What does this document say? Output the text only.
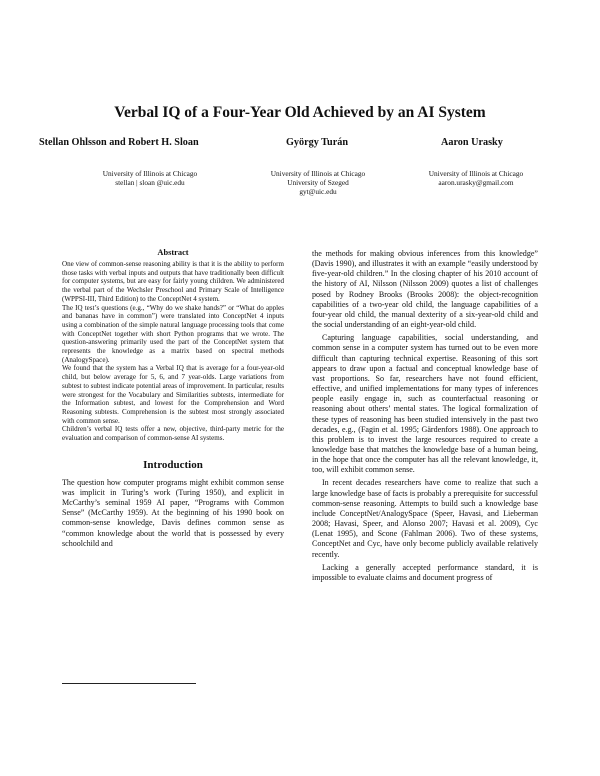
Verbal IQ of a Four-Year Old Achieved by an AI System
Stellan Ohlsson and Robert H. Sloan	György Turán	Aaron Urasky
University of Illinois at Chicago
stellan | sloan @uic.edu
University of Illinois at Chicago
University of Szeged
gyt@uic.edu
University of Illinois at Chicago
aaron.urasky@gmail.com
Abstract

One view of common-sense reasoning ability is that it is the ability to perform those tasks with verbal inputs and outputs that have traditionally been difficult for computer systems, but are easy for fairly young children. We administered the verbal part of the Wechsler Preschool and Primary Scale of Intelligence (WPPSI-III, Third Edition) to the ConceptNet 4 system.

The IQ test’s questions (e.g., “Why do we shake hands?” or “What do apples and bananas have in common”) were translated into ConceptNet 4 inputs using a combination of the simple natural language processing tools that come with ConceptNet together with short Python programs that we wrote. The question-answering primarily used the part of the ConceptNet system that represents the knowledge as a matrix based on spectral methods (AnalogySpace).

We found that the system has a Verbal IQ that is average for a four-year-old child, but below average for 5, 6, and 7 year-olds. Large variations from subtest to subtest indicate potential areas of improvement. In particular, results were strongest for the Vocabulary and Similarities subtests, intermediate for the Information subtest, and lowest for the Comprehension and Word Reasoning subtests. Comprehension is the subtest most strongly associated with common sense.

Children’s verbal IQ tests offer a new, objective, third-party metric for the evaluation and comparison of common-sense AI systems.

Introduction

The question how computer programs might exhibit common sense was implicit in Turing’s work (Turing 1950), and explicit in McCarthy’s seminal 1959 AI paper, “Programs with Common Sense” (McCarthy 1959). At the beginning of his 1990 book on common-sense knowledge, Davis defines common sense as “common knowledge about the world that is possessed by every schoolchild and

the methods for making obvious inferences from this knowledge” (Davis 1990), and illustrates it with an example “easily understood by five-year-old children.” In the closing chapter of his 2010 account of the history of AI, Nilsson (Nilsson 2009) quotes a list of challenges posed by Rodney Brooks (Brooks 2008): the object-recognition capabilities of a two-year old child, the language capabilities of a four-year old child, the manual dexterity of a six-year-old child and the social understanding of an eight-year-old child.

Capturing language capabilities, social understanding, and common sense in a computer system has turned out to be even more difficult than capturing technical expertise. Reasoning of this sort appears to draw upon a factual and conceptual knowledge base of vast proportions. So far, researchers have not found efficient, effective, and unified implementations for many types of inferences people easily engage in, such as counterfactual reasoning or reasoning about others’ mental states. The logical formalization of these types of reasoning has been studied intensively in the past two decades, e.g., (Fagin et al. 1995; Gärdenfors 1988). One approach to this problem is to invest the large resources required to create a knowledge base that matches the knowledge base of a human being, in the hope that once the computer has all the relevant knowledge, it, too, will exhibit common sense.

In recent decades researchers have come to realize that such a large knowledge base of facts is probably a prerequisite for successful common-sense reasoning. Attempts to build such a knowledge base include ConceptNet/AnalogySpace (Speer, Havasi, and Lieberman 2008; Havasi, Speer, and Alonso 2007; Havasi et al. 2009), Cyc (Lenat 1995), and Scone (Fahlman 2006). Two of these systems, ConceptNet and Cyc, have only become publicly available relatively recently.

Lacking a generally accepted performance standard, it is impossible to evaluate claims and document progress of
